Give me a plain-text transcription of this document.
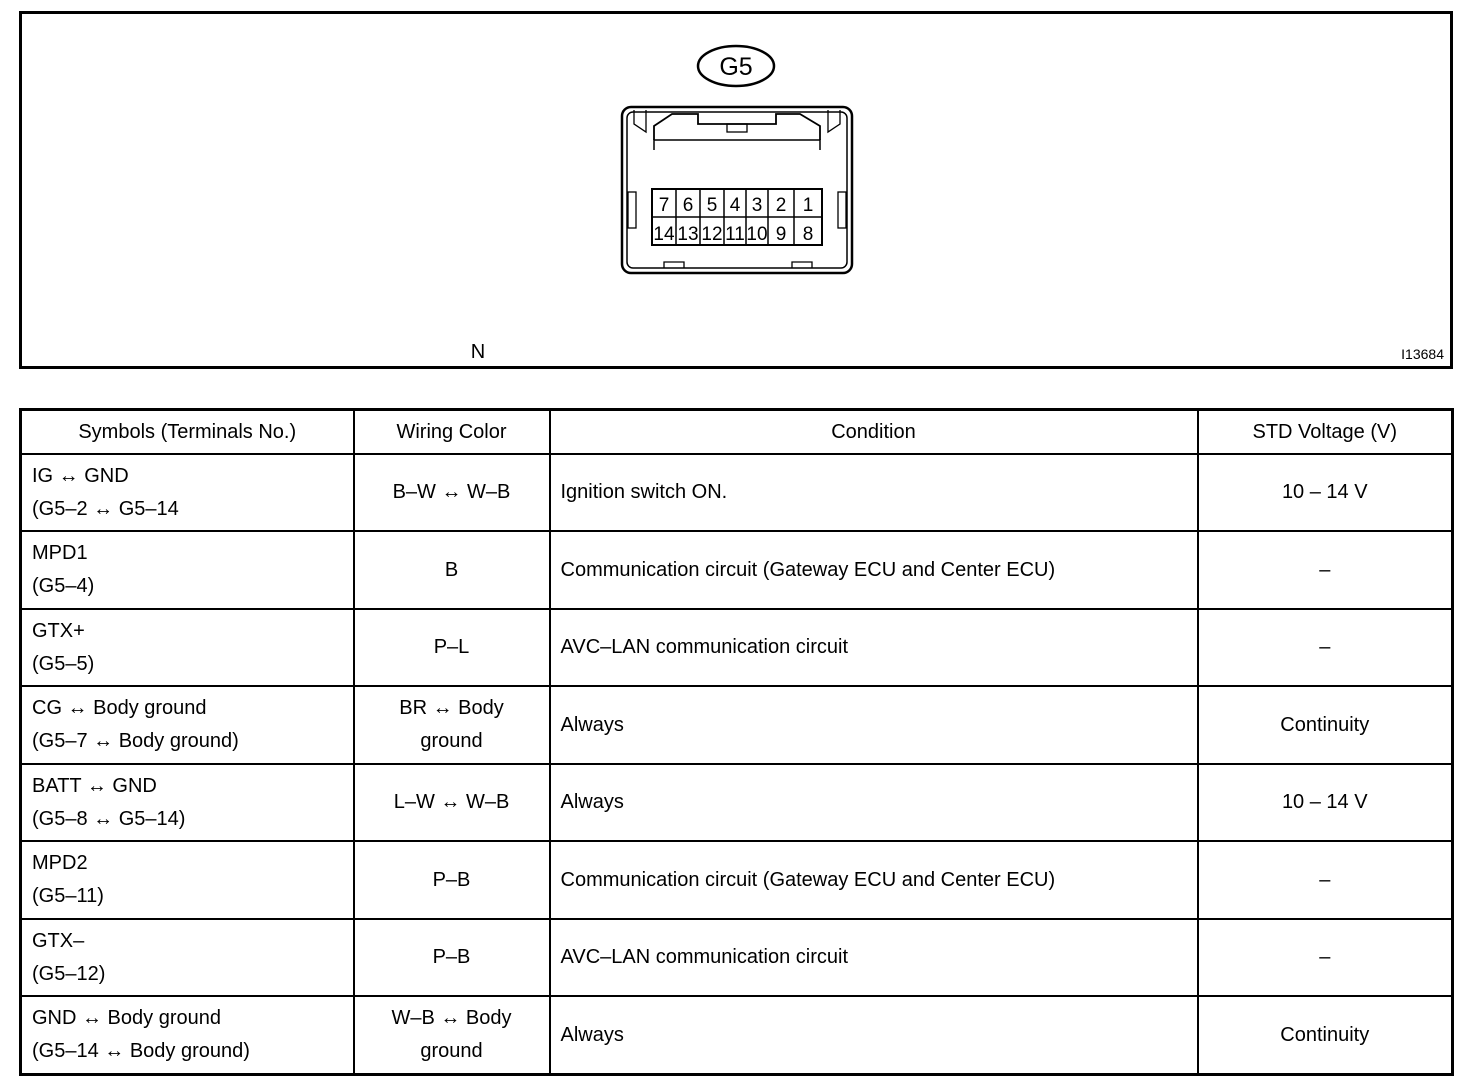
G5
7
14
6
13
5
12
4
11
3
10
2
9
1
8
N	I13684
Symbols (Terminals No.)	Wiring Color	Condition	STD Voltage (V)

IG ↔ GND
(G5–2 ↔ G5–14	B–W ↔ W–B	Ignition switch ON.	10 – 14 V

MPD1
(G5–4)	B	Communication circuit (Gateway ECU and Center ECU)	–

GTX+
(G5–5)	P–L	AVC–LAN communication circuit	–

CG ↔ Body ground
(G5–7 ↔ Body ground)	BR ↔ Body
ground	Always	Continuity

BATT ↔ GND
(G5–8 ↔ G5–14)	L–W ↔ W–B	Always	10 – 14 V

MPD2
(G5–11)	P–B	Communication circuit (Gateway ECU and Center ECU)	–

GTX–
(G5–12)	P–B	AVC–LAN communication circuit	–

GND ↔ Body ground
(G5–14 ↔ Body ground)	W–B ↔ Body
ground	Always	Continuity
